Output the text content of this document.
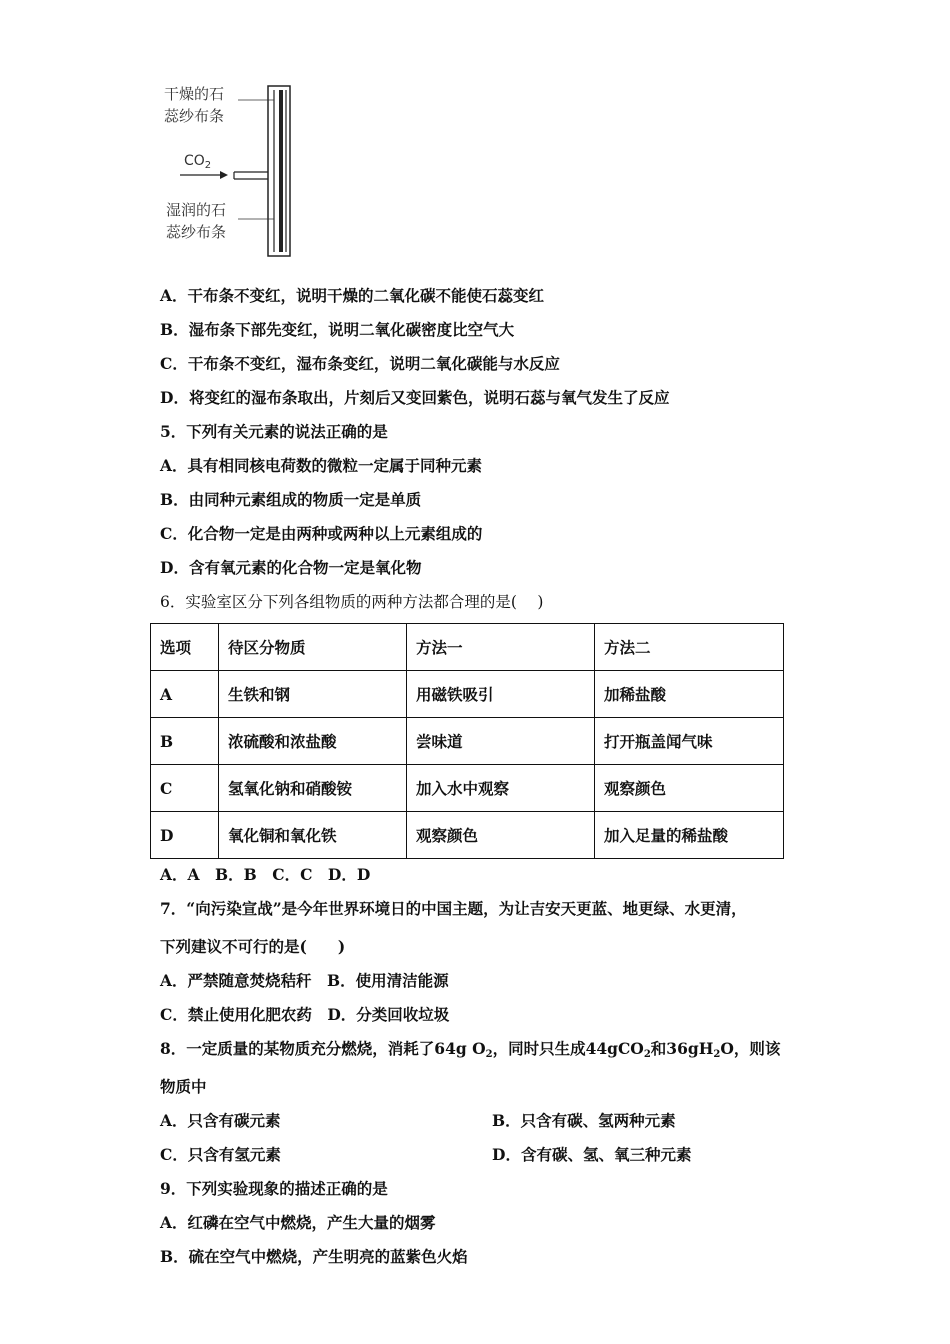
干燥的石
蕊纱布条
$CO_2$
湿润的石
蕊纱布条
A．干布条不变红，说明干燥的二氧化碳不能使石蕊变红
B．湿布条下部先变红，说明二氧化碳密度比空气大
C．干布条不变红，湿布条变红，说明二氧化碳能与水反应
D．将变红的湿布条取出，片刻后又变回紫色，说明石蕊与氧气发生了反应
5．下列有关元素的说法正确的是
A．具有相同核电荷数的微粒一定属于同种元素
B．由同种元素组成的物质一定是单质
C．化合物一定是由两种或两种以上元素组成的
D．含有氧元素的化合物一定是氧化物
6．实验室区分下列各组物质的两种方法都合理的是(　 )
选项	待区分物质	方法一	方法二
A	生铁和钢	用磁铁吸引	加稀盐酸
B	浓硫酸和浓盐酸	尝味道	打开瓶盖闻气味
C	氢氧化钠和硝酸铵	加入水中观察	观察颜色
D	氧化铜和氧化铁	观察颜色	加入足量的稀盐酸
A．A　B．B　C．C　D．D
7．“向污染宣战”是今年世界环境日的中国主题，为让吉安天更蓝、地更绿、水更清，
下列建议不可行的是(　　)
A．严禁随意焚烧秸秆　B．使用清洁能源
C．禁止使用化肥农药　D．分类回收垃圾
8．一定质量的某物质充分燃烧，消耗了64g $O_2$，同时只生成44gCO$_2$和$36gH_2O$，则该
物质中
A．只含有碳元素	B．只含有碳、氢两种元素
C．只含有氢元素	D．含有碳、氢、氧三种元素
9．下列实验现象的描述正确的是
A．红磷在空气中燃烧，产生大量的烟雾
B．硫在空气中燃烧，产生明亮的蓝紫色火焰
